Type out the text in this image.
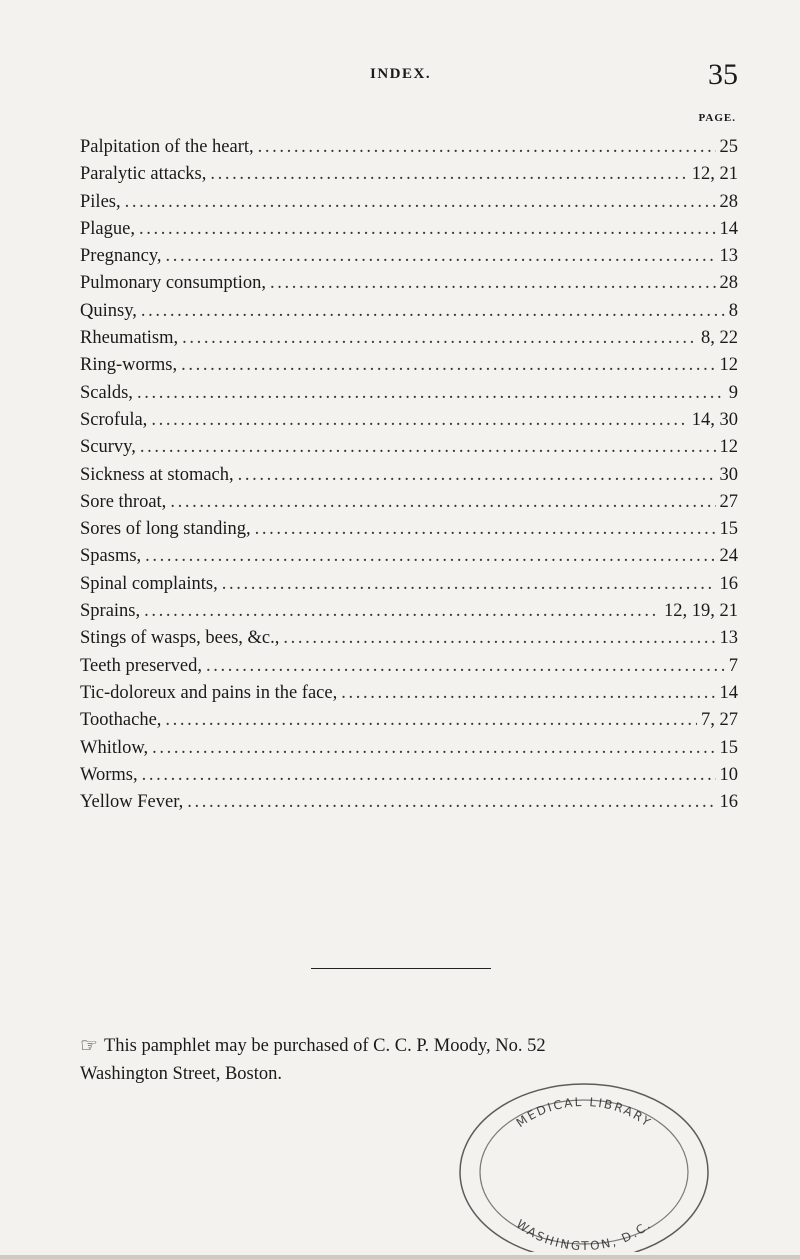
INDEX.	35
PAGE.
Palpitation of the heart, . . .	25
Paralytic attacks, . . .	12, 21
Piles, . . .	28
Plague, . . .	14
Pregnancy, . . .	13
Pulmonary consumption, . . .	28
Quinsy, . . .	8
Rheumatism, . . .	8, 22
Ring-worms, . . .	12
Scalds, . . .	9
Scrofula, . . .	14, 30
Scurvy, . . .	12
Sickness at stomach, . . .	30
Sore throat, . . .	27
Sores of long standing, . . .	15
Spasms, . . .	24
Spinal complaints, . . .	16
Sprains, . . .	12, 19, 21
Stings of wasps, bees, &c., . . .	13
Teeth preserved, . . .	7
Tic-doloreux and pains in the face, . . .	14
Toothache, . . .	7, 27
Whitlow, . . .	15
Worms, . . .	10
Yellow Fever, . . .	16
☞ This pamphlet may be purchased of C. C. P. Moody, No. 52
Washington Street, Boston.
MEDICAL LIBRARY
WASHINGTON, D.C.
